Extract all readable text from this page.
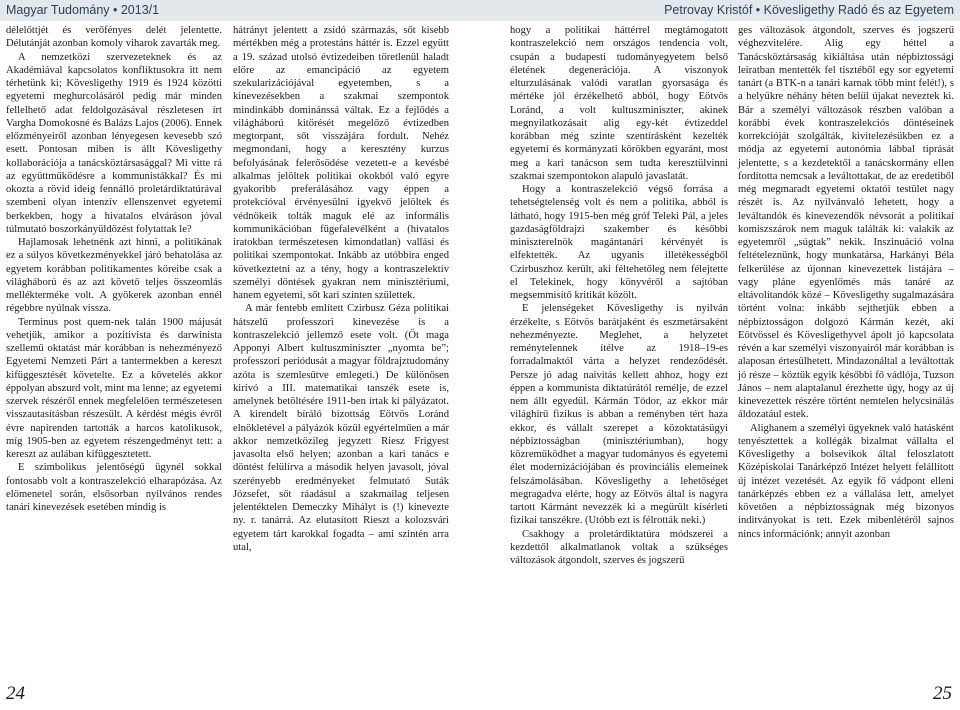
Magyar Tudomány • 2013/1	Petrovay Kristóf • Kövesligethy Radó és az Egyetem

délelőttjét és verőfényes delét jelentette. Délutánját azonban komoly viharok zavarták meg.

A nemzetközi szervezeteknek és az Akadémiával kapcsolatos konfliktusokra itt nem térhetünk ki; Kövesligethy 1919 és 1924 közötti egyetemi meghurcolásáról pedig már minden fellelhető adat feldolgozásával részletesen írt Vargha Domokosné és Balázs Lajos (2006). Ennek előzményeiről azonban lényegesen kevesebb szó esett. Pontosan miben is állt Kövesligethy kollaborációja a tanácsköztársasággal? Mi vitte rá az együttműködésre a kommunistákkal? És mi okozta a rövid ideig fennálló proletárdiktatúrával szembeni olyan intenzív ellenszenvet egyetemi berkekben, hogy a hivatalos elváráson jóval túlmutató boszorkányüldözést folytattak le?

Hajlamosak lehetnénk azt hinni, a politikának ez a súlyos következményekkel járó behatolása az egyetem korábban politikamentes köreibe csak a világháború és az azt követő teljes összeomlás mellékterméke volt. A gyökerek azonban ennél régebbre nyúlnak vissza.

Terminus post quem-nek talán 1900 májusát vehetjük, amikor a pozitivista és darwinista szellemű oktatást már korábban is nehezményező Egyetemi Nemzeti Párt a tantermekben a kereszt kifüggesztését követelte. Ez a követelés akkor éppolyan abszurd volt, mint ma lenne; az egyetemi szervek részéről ennek megfelelően természetesen visszautasításban részesült. A kérdést mégis évről évre napirenden tartották a harcos katolikusok, míg 1905-ben az egyetem részengedményt tett: a kereszt az aulában kifüggesztetett.

E szimbolikus jelentőségű ügynél sokkal fontosabb volt a kontraszelekció elharapózása. Az elömenetel során, elsősorban nyilvános rendes tanári kinevezések esetében mindig is

hátrányt jelentett a zsidó származás, sőt kisebb mértékben még a protestáns háttér is. Ezzel együtt a 19. század utolsó évtizedeiben töretlenül haladt előre az emancipáció az egyetem szekularizációjával egyetemben, s a kinevezésekben a szakmai szempontok mindinkább dominánssá váltak. Ez a fejlődés a világháború kitörését megelőző évtizedben megtorpant, sőt visszájára fordult. Nehéz megmondani, hogy a keresztény kurzus befolyásának felerősödése vezetett-e a kevésbé alkalmas jelöltek politikai okokból való egyre gyakoribb preferálásához vagy éppen a protekcióval érvényesülni igyekvő jelöltek és védnökeik tolták maguk elé az informális kommunikációban fügefalevélként a (hivatalos iratokban természetesen kimondatlan) vallási és politikai szempontokat. Inkább az utóbbira enged következtetni az a tény, hogy a kontraszelektív személyi döntések gyakran nem minisztériumi, hanem egyetemi, sőt kari szinten születtek.

A már fentebb említett Czirbusz Géza politikai hátszelű professzori kinevezése is a kontraszelekció jellemző esete volt. (Őt maga Apponyi Albert kultuszminiszter „nyomta be”; professzori periódusát a magyar földrajztudomány azóta is szemlesütve emlegeti.) De különösen kirívó a III. matematikai tanszék esete is, amelynek betöltésére 1911-ben írtak ki pályázatot. A kirendelt bíráló bizottság Eötvös Loránd elnökletével a pályázók közül egyértelműen a már akkor nemzetközileg jegyzett Riesz Frigyest javasolta első helyen; azonban a kari tanács e döntést felülírva a második helyen javasolt, jóval szerényebb eredményeket felmutató Suták Józsefet, sőt ráadásul a szakmailag teljesen jelentéktelen Demeczky Mihályt is (!) kinevezte ny. r. tanárrá. Az elutasított Rieszt a kolozsvári egyetem tárt karokkal fogadta – ami szintén arra utal,

hogy a politikai háttérrel megtámogatott kontraszelekció nem országos tendencia volt, csupán a budapesti tudományegyetem belső életének degenerációja. A viszonyok elturzulásának valódi varatlan gyorsasága és mértéke jól érzékelhető abból, hogy Eötvös Loránd, a volt kultuszminiszter, akinek megnyilatkozásait alig egy-két évtizeddel korábban még szinte szentírásként kezelték egyetemi és kormányzati körökben egyaránt, most meg a kari tanácson sem tudta keresztülvinni szakmai szempontokon alapuló javaslatát.

Hogy a kontraszelekció végső forrása a tehetségtelenség volt és nem a politika, abból is látható, hogy 1915-ben még gróf Teleki Pál, a jeles gazdaságföldrajzi szakember és későbbi miniszterelnök magántanári kérvényét is elfektették. Az ugyanis illetékességből Czirbuszhoz került, aki féltehetőleg nem félejtette el Telekinek, hogy könyvéről a sajtóban megsemmisítő kritikát közölt.

E jelenségeket Kövesligethy is nyilván érzékelte, s Eötvös barátjaként és eszmetársaként nehezményezte. Meglehet, a helyzetet reménytelennek ítélve az 1918–19-es forradalmaktól várta a helyzet rendeződését. Persze jó adag naivitás kellett ahhoz, hogy ezt éppen a kommunista diktatúrától remélje, de ezzel nem állt egyedül. Kármán Tódor, az ekkor már világhírű fizikus is abban a reményben tért haza ekkor, és vállalt szerepet a közoktatásügyi népbiztosságban (minisztériumban), hogy közreműködhet a magyar tudományos és egyetemi élet modernizációjában és provinciális elemeinek felszámolásában. Kövesligethy a lehetőséget megragadva elérte, hogy az Eötvös által is nagyra tartott Kármánt nevezzék ki a megürült kísérleti fizikai tanszékre. (Utóbb ezt is félrották neki.)

Csakhogy a proletárdiktatúra módszerei a kezdettől alkalmatlanok voltak a szükséges változások átgondolt, szerves és jogszerű

ges változások átgondolt, szerves és jogszerű véghezvitelére. Alig egy héttel a Tanácsköztársaság kikiáltása után népbiztossági leiratban mentették fel tisztéből egy sor egyetemi tanárt (a BTK-n a tanári karnak több mint felét!), s a helyükre néhány héten belül újakat neveztek ki. Bár a személyi változások részben valóban a korábbi évek kontraszelekciós döntéseinek korrekcióját szolgálták, kivitelezésükben ez a módja az egyetemi autonómia lábbal tiprását jelentette, s a kezdetektől a tanácskormány ellen fordította nemcsak a leváltottakat, de az eredetiből még megmaradt egyetemi oktatói testület nagy részét is. Az nyilvánvaló lehetett, hogy a leváltandók és kinevezendők névsorát a politikai komiszszárok nem maguk találták ki: valakik az egyetemről „súgtak” nekik. Inszinuáció volna feltételeznünk, hogy munkatársa, Harkányi Béla felkerülése az újonnan kinevezettek listájára – vagy pláne egyenlőmés más tanáré az eltávolítandók közé – Kövesligethy sugalmazására történt volna: inkább sejthetjük ebben a népbiztosságon dolgozó Kármán kezét, aki Eötvössel és Kövesligethyvel ápolt jó kapcsolata révén a kar személyi viszonyairól már korábban is alaposan értesülhetett. Mindazonáltal a leváltottak jó része – köztük egyik későbbi fő vádlója, Tuzson János – nem alaptalanul érezhette úgy, hogy az új kinevezettek részére történt nemtelen helycsinálás áldozatául estek.

Alighanem a személyi ügyeknek való hatásként tenyésztettek a kollégák bizalmat vállalta el Kövesligethy a bolsevikok által feloszlatott Középiskolai Tanárképző Intézet helyett felállított új intézet vezetését. Az egyik fő vádpont elleni tanárképzés ebben ez a vállalása lett, amelyet követően a népbiztosságnak még bizonyos inditványokat is tett. Ezek mibenlétéről sajnos nincs információnk; annyit azonban

24	25
